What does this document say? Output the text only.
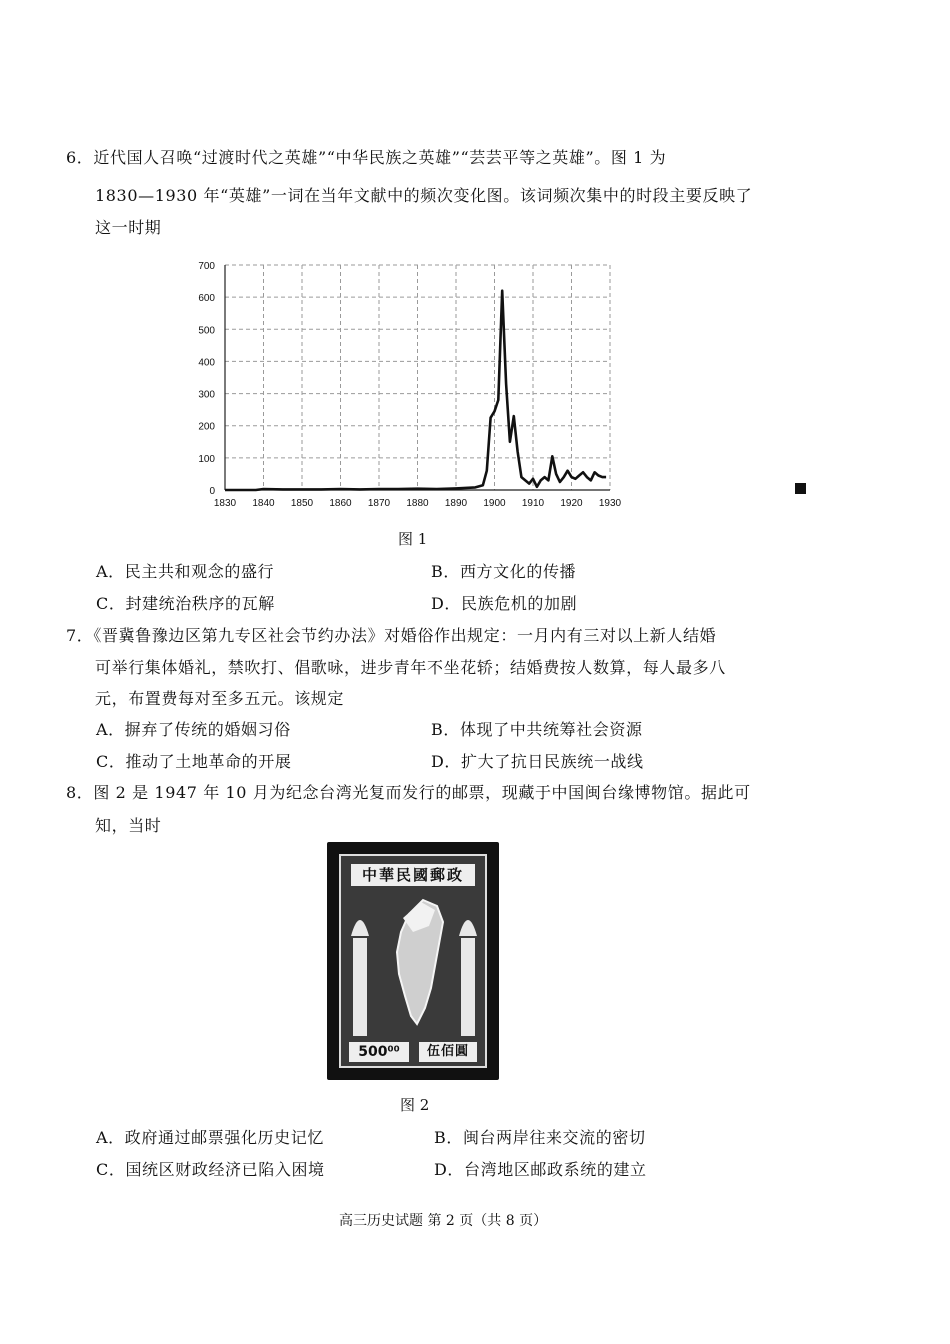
6．近代国人召唤“过渡时代之英雄”“中华民族之英雄”“芸芸平等之英雄”。图 1 为
1830—1930 年“英雄”一词在当年文献中的频次变化图。该词频次集中的时段主要反映了
这一时期
1830 1840 1850 1860 1870 1880 1890 1900 1910 1920 1930
0
100
200
300
400
500
600
700
图 1
A．民主共和观念的盛行	B．西方文化的传播
C．封建统治秩序的瓦解	D．民族危机的加剧
7．《晋冀鲁豫边区第九专区社会节约办法》对婚俗作出规定：一月内有三对以上新人结婚
可举行集体婚礼，禁吹打、倡歌咏，进步青年不坐花轿；结婚费按人数算，每人最多八
元，布置费每对至多五元。该规定
A．摒弃了传统的婚姻习俗	B．体现了中共统筹社会资源
C．推动了土地革命的开展	D．扩大了抗日民族统一战线
8．图 2 是 1947 年 10 月为纪念台湾光复而发行的邮票，现藏于中国闽台缘博物馆。据此可
知，当时
中華民國郵政
500⁰⁰	伍佰圓
图 2
A．政府通过邮票强化历史记忆	B．闽台两岸往来交流的密切
C．国统区财政经济已陷入困境	D．台湾地区邮政系统的建立
高三历史试题 第 2 页（共 8 页）
